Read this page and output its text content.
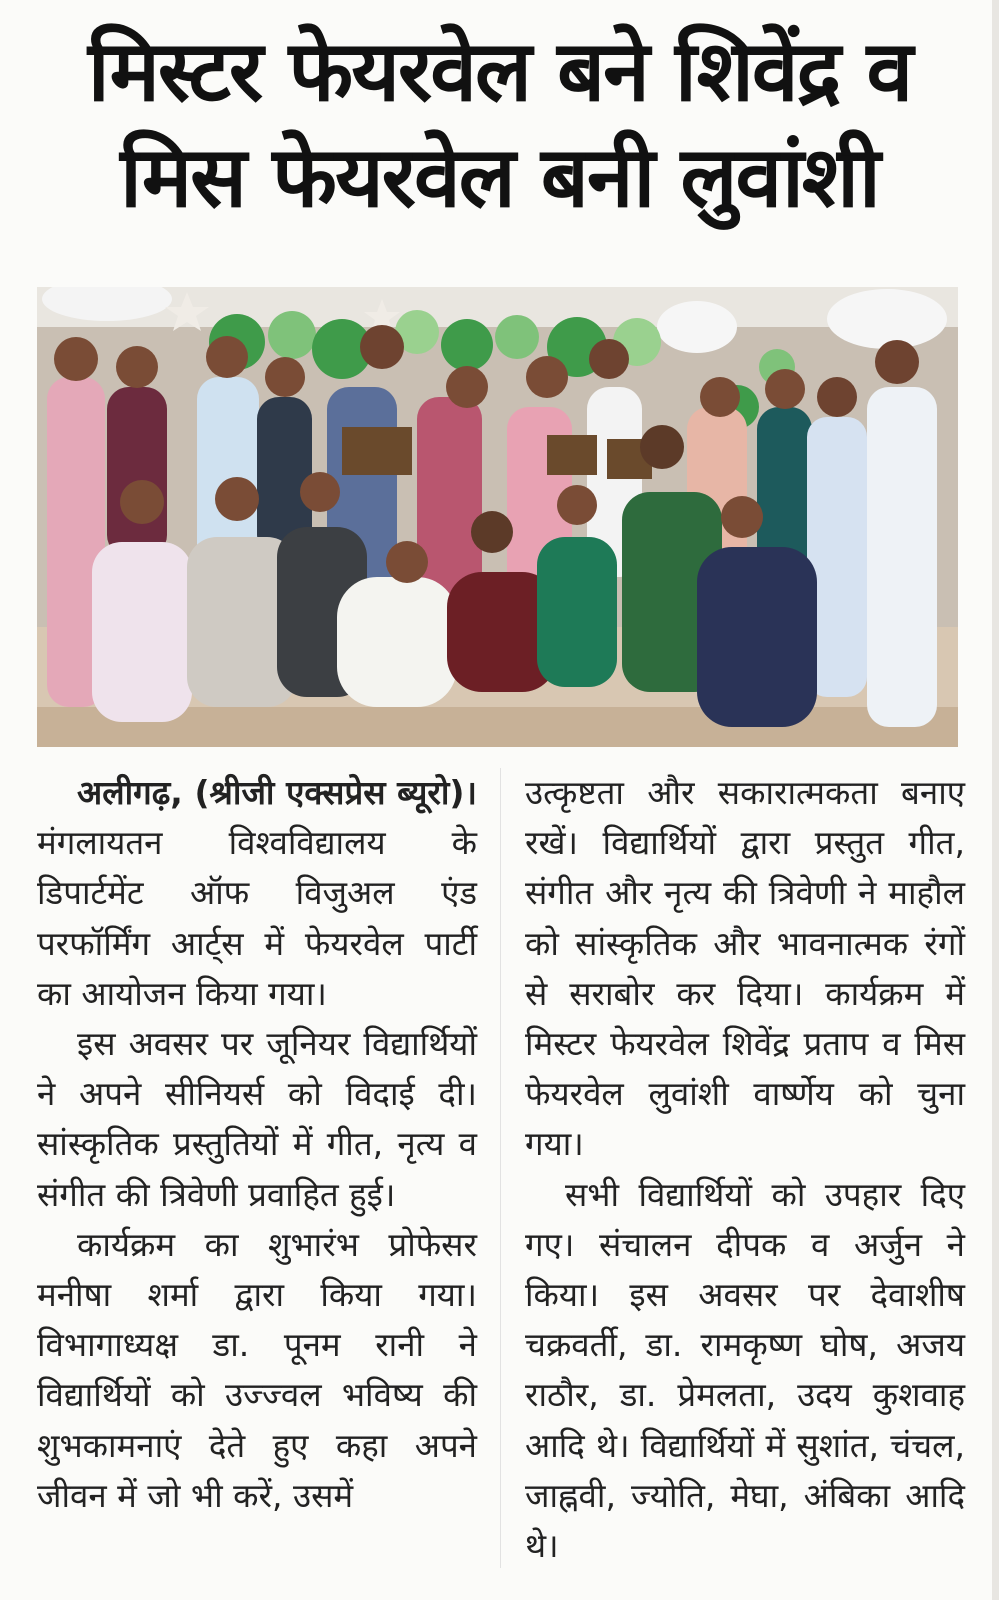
मिस्टर फेयरवेल बने शिवेंद्र व
मिस फेयरवेल बनी लुवांशी

अलीगढ़, (श्रीजी एक्सप्रेस ब्यूरो)। मंगलायतन विश्वविद्यालय के डिपार्टमेंट ऑफ विजुअल एंड परफॉर्मिंग आर्ट्स में फेयरवेल पार्टी का आयोजन किया गया।

इस अवसर पर जूनियर विद्यार्थियों ने अपने सीनियर्स को विदाई दी। सांस्कृतिक प्रस्तुतियों में गीत, नृत्य व संगीत की त्रिवेणी प्रवाहित हुई।

कार्यक्रम का शुभारंभ प्रोफेसर मनीषा शर्मा द्वारा किया गया। विभागाध्यक्ष डा. पूनम रानी ने विद्यार्थियों को उज्ज्वल भविष्य की शुभकामनाएं देते हुए कहा अपने जीवन में जो भी करें, उसमें

उत्कृष्टता और सकारात्मकता बनाए रखें। विद्यार्थियों द्वारा प्रस्तुत गीत, संगीत और नृत्य की त्रिवेणी ने माहौल को सांस्कृतिक और भावनात्मक रंगों से सराबोर कर दिया। कार्यक्रम में मिस्टर फेयरवेल शिवेंद्र प्रताप व मिस फेयरवेल लुवांशी वार्ष्णेय को चुना गया।

सभी विद्यार्थियों को उपहार दिए गए। संचालन दीपक व अर्जुन ने किया। इस अवसर पर देवाशीष चक्रवर्ती, डा. रामकृष्ण घोष, अजय राठौर, डा. प्रेमलता, उदय कुशवाह आदि थे। विद्यार्थियों में सुशांत, चंचल, जाह्नवी, ज्योति, मेघा, अंबिका आदि थे।
